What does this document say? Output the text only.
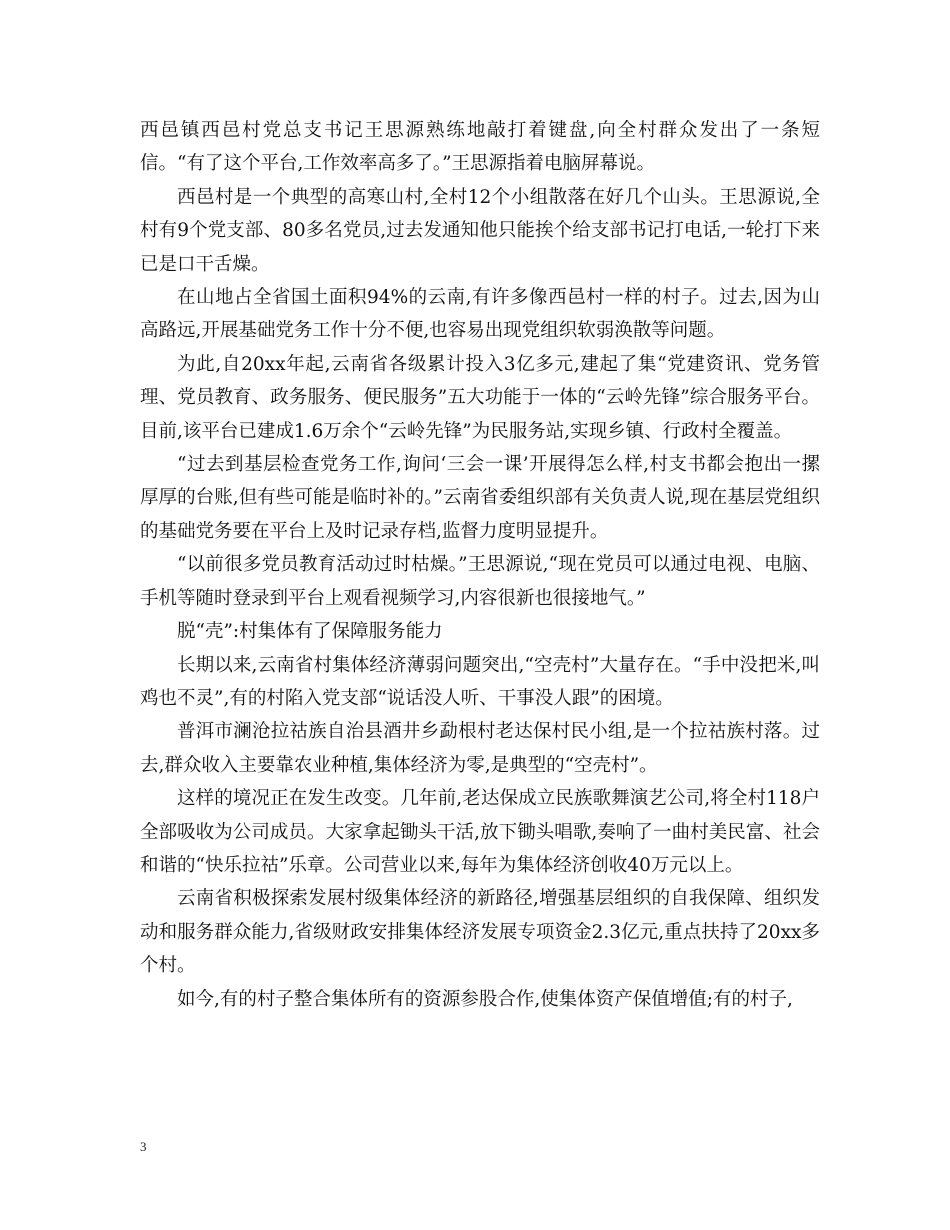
西邑镇西邑村党总支书记王思源熟练地敲打着键盘,向全村群众发出了一条短信。“有了这个平台,工作效率高多了。”王思源指着电脑屏幕说。

西邑村是一个典型的高寒山村,全村12个小组散落在好几个山头。王思源说,全村有9个党支部、80多名党员,过去发通知他只能挨个给支部书记打电话,一轮打下来已是口干舌燥。

在山地占全省国土面积94%的云南,有许多像西邑村一样的村子。过去,因为山高路远,开展基础党务工作十分不便,也容易出现党组织软弱涣散等问题。

为此,自20xx年起,云南省各级累计投入3亿多元,建起了集“党建资讯、党务管理、党员教育、政务服务、便民服务”五大功能于一体的“云岭先锋”综合服务平台。目前,该平台已建成1.6万余个“云岭先锋”为民服务站,实现乡镇、行政村全覆盖。

“过去到基层检查党务工作,询问‘三会一课’开展得怎么样,村支书都会抱出一摞厚厚的台账,但有些可能是临时补的。”云南省委组织部有关负责人说,现在基层党组织的基础党务要在平台上及时记录存档,监督力度明显提升。

“以前很多党员教育活动过时枯燥。”王思源说,“现在党员可以通过电视、电脑、手机等随时登录到平台上观看视频学习,内容很新也很接地气。”

脱“壳”:村集体有了保障服务能力

长期以来,云南省村集体经济薄弱问题突出,“空壳村”大量存在。“手中没把米,叫鸡也不灵”,有的村陷入党支部“说话没人听、干事没人跟”的困境。

普洱市澜沧拉祜族自治县酒井乡勐根村老达保村民小组,是一个拉祜族村落。过去,群众收入主要靠农业种植,集体经济为零,是典型的“空壳村”。

这样的境况正在发生改变。几年前,老达保成立民族歌舞演艺公司,将全村118户全部吸收为公司成员。大家拿起锄头干活,放下锄头唱歌,奏响了一曲村美民富、社会和谐的“快乐拉祜”乐章。公司营业以来,每年为集体经济创收40万元以上。

云南省积极探索发展村级集体经济的新路径,增强基层组织的自我保障、组织发动和服务群众能力,省级财政安排集体经济发展专项资金2.3亿元,重点扶持了20xx多个村。

如今,有的村子整合集体所有的资源参股合作,使集体资产保值增值;有的村子,

3
